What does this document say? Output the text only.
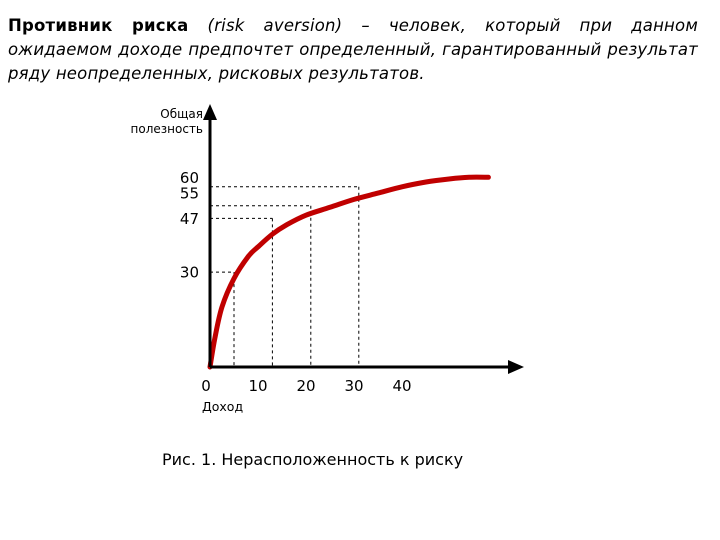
Противник риска (risk aversion) – человек, который при данном ожидаемом доходе предпочтет определенный, гарантированный результат ряду неопределенных, рисковых результатов.
Общая
полезность
0
Доход
10 20 30 40
30
47
55
60
Рис. 1. Нерасположенность к риску
